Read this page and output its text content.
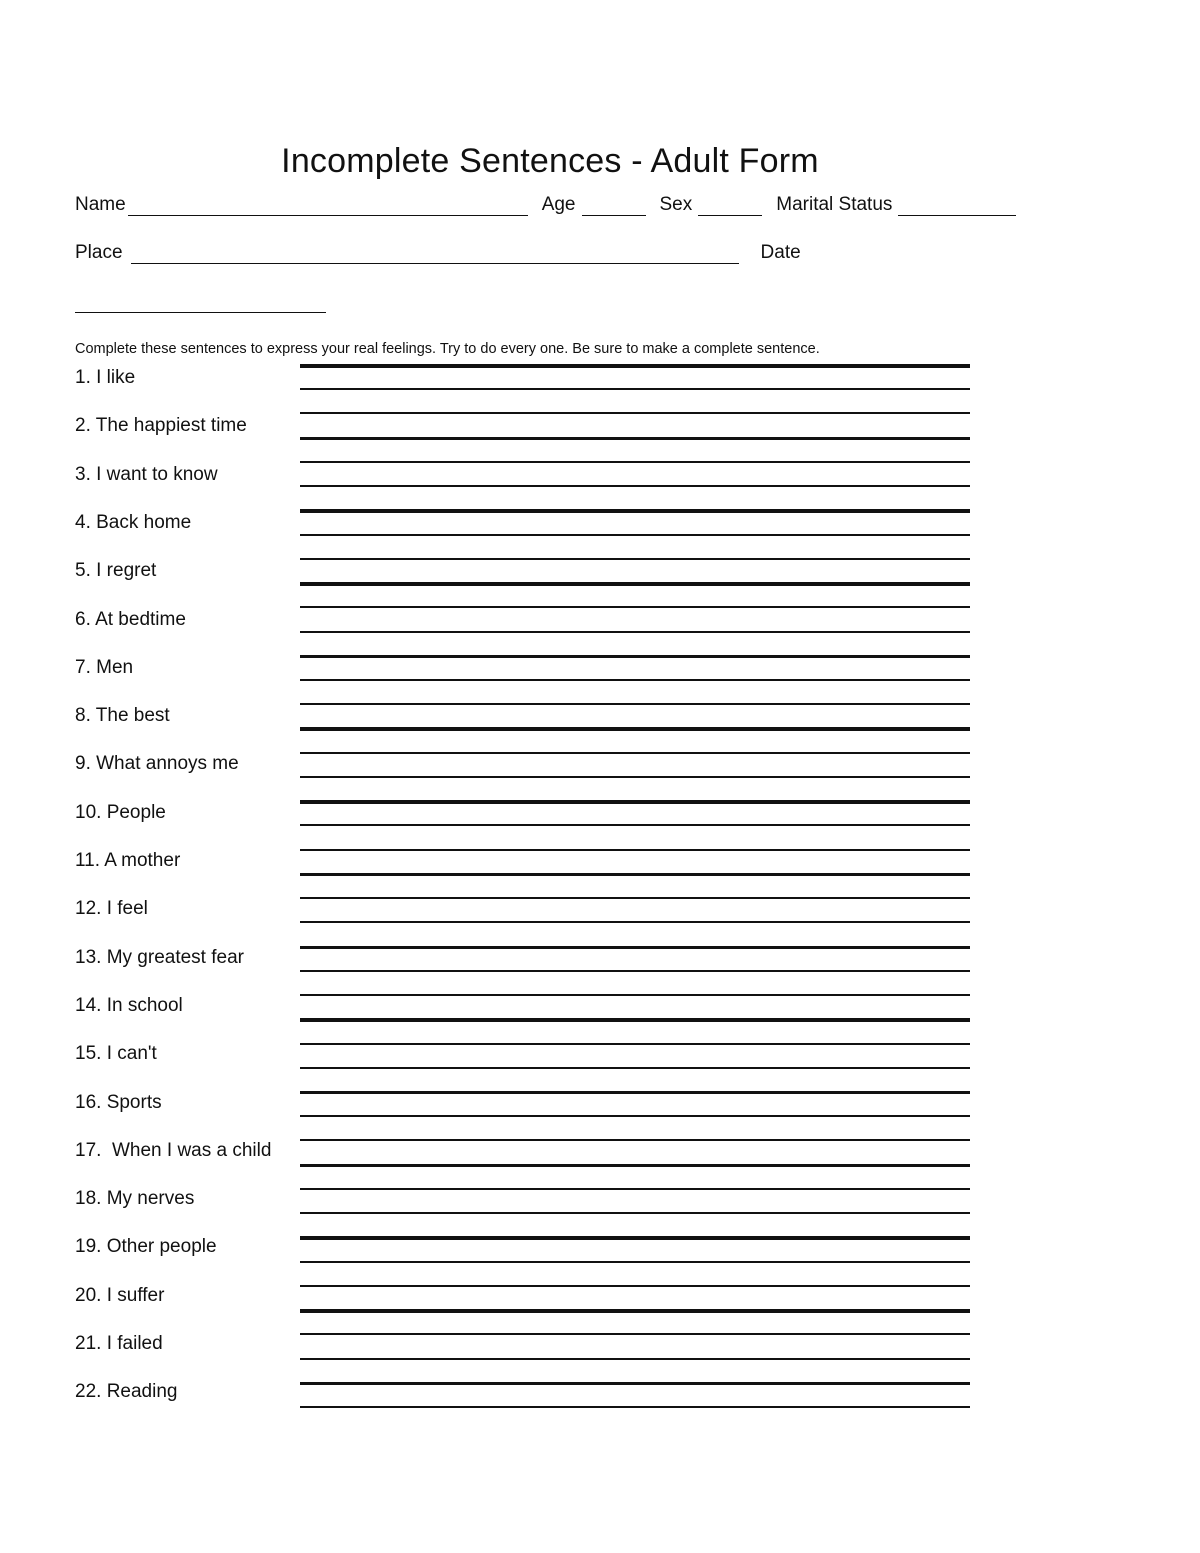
Incomplete Sentences - Adult Form
Name	Age	Sex	Marital Status
Place	Date
Complete these sentences to express your real feelings. Try to do every one. Be sure to make a complete sentence.
1. I like
2. The happiest time
3. I want to know
4. Back home
5. I regret
6. At bedtime
7. Men
8. The best
9. What annoys me
10. People
11. A mother
12. I feel
13. My greatest fear
14. In school
15. I can't
16. Sports
17.  When I was a child
18. My nerves
19. Other people
20. I suffer
21. I failed
22. Reading
